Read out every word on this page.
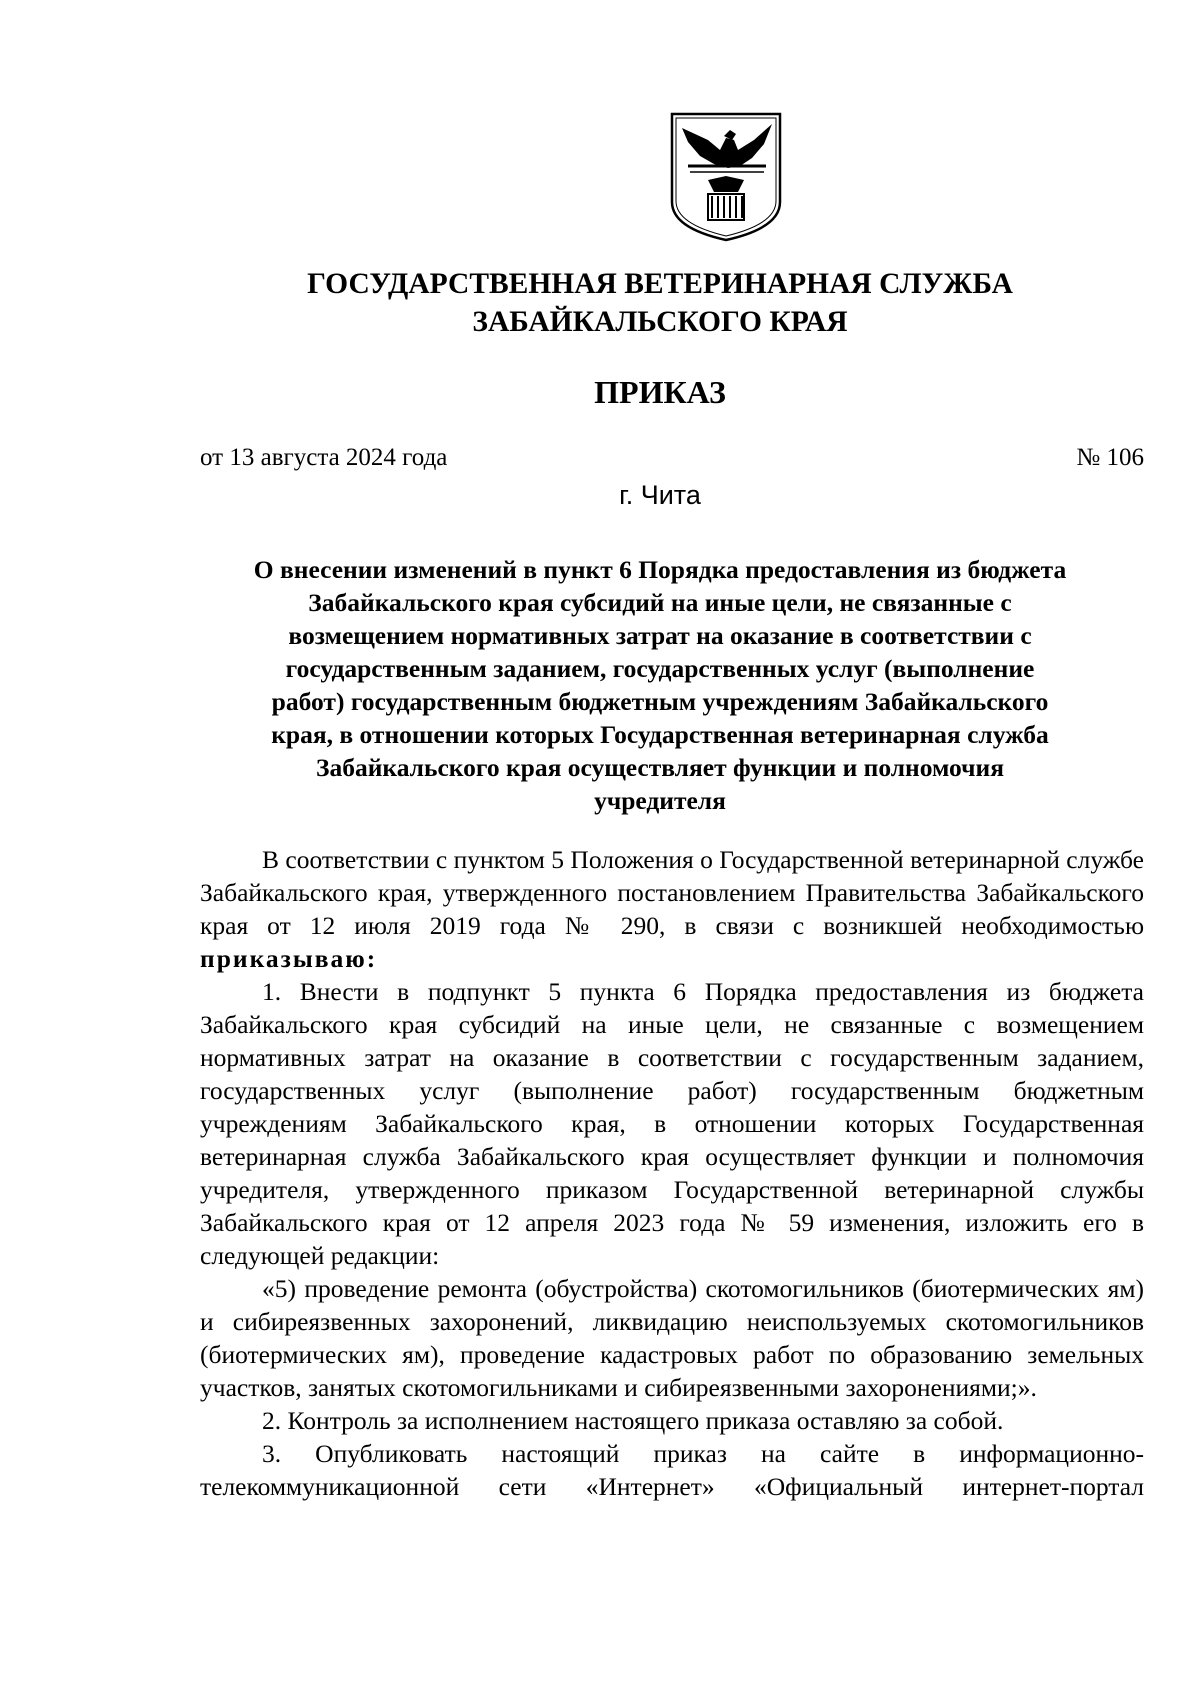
ГОСУДАРСТВЕННАЯ ВЕТЕРИНАРНАЯ СЛУЖБА
ЗАБАЙКАЛЬСКОГО КРАЯ
ПРИКАЗ
от 13 августа 2024 года	№ 106
г. Чита
О внесении изменений в пункт 6 Порядка предоставления из бюджета
Забайкальского края субсидий на иные цели, не связанные с
возмещением нормативных затрат на оказание в соответствии с
государственным заданием, государственных услуг (выполнение
работ) государственным бюджетным учреждениям Забайкальского
края, в отношении которых Государственная ветеринарная служба
Забайкальского края осуществляет функции и полномочия
учредителя

В соответствии с пунктом 5 Положения о Государственной ветеринарной службе Забайкальского края, утвержденного постановлением Правительства Забайкальского края от 12 июля 2019 года № 290, в связи с возникшей необходимостью приказываю:

1. Внести в подпункт 5 пункта 6 Порядка предоставления из бюджета Забайкальского края субсидий на иные цели, не связанные с возмещением нормативных затрат на оказание в соответствии с государственным заданием, государственных услуг (выполнение работ) государственным бюджетным учреждениям Забайкальского края, в отношении которых Государственная ветеринарная служба Забайкальского края осуществляет функции и полномочия учредителя, утвержденного приказом Государственной ветеринарной службы Забайкальского края от 12 апреля 2023 года № 59 изменения, изложить его в следующей редакции:

«5) проведение ремонта (обустройства) скотомогильников (биотермических ям) и сибиреязвенных захоронений, ликвидацию неиспользуемых скотомогильников (биотермических ям), проведение кадастровых работ по образованию земельных участков, занятых скотомогильниками и сибиреязвенными захоронениями;».

2. Контроль за исполнением настоящего приказа оставляю за собой.

3. Опубликовать настоящий приказ на сайте в информационно-телекоммуникационной сети «Интернет» «Официальный интернет-портал
